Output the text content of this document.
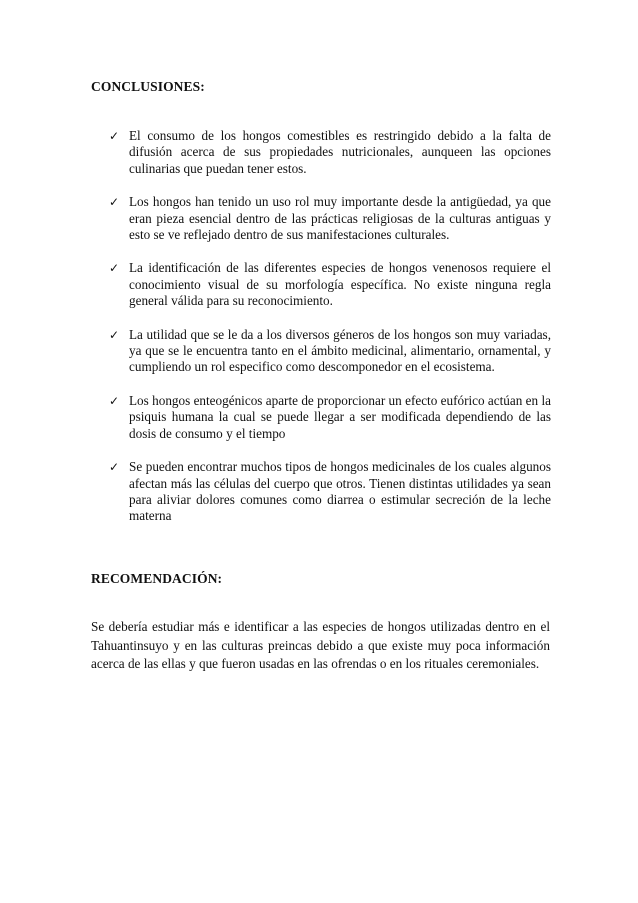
CONCLUSIONES:
✓ El consumo de los hongos comestibles es restringido debido a la falta de difusión acerca de sus propiedades nutricionales, aunqueen las opciones culinarias que puedan tener estos.
✓ Los hongos han tenido un uso rol muy importante desde la antigüedad, ya que eran pieza esencial dentro de las prácticas religiosas de la culturas antiguas y esto se ve reflejado dentro de sus manifestaciones culturales.
✓ La identificación de las diferentes especies de hongos venenosos requiere el conocimiento visual de su morfología específica. No existe ninguna regla general válida para su reconocimiento.
✓ La utilidad que se le da a los diversos géneros de los hongos son muy variadas, ya que se le encuentra tanto en el ámbito medicinal, alimentario, ornamental, y cumpliendo un rol especifico como descomponedor en el ecosistema.
✓ Los hongos enteogénicos aparte de proporcionar un efecto eufórico actúan en la psiquis humana la cual se puede llegar a ser modificada dependiendo de las dosis de consumo y el tiempo
✓ Se pueden encontrar muchos tipos de hongos medicinales de los cuales algunos afectan más las células del cuerpo que otros. Tienen distintas utilidades ya sean para aliviar dolores comunes como diarrea o estimular secreción de la leche materna
RECOMENDACIÓN:

Se debería estudiar más e identificar a las especies de hongos utilizadas dentro en el Tahuantinsuyo y en las culturas preincas debido a que existe muy poca información acerca de las ellas y que fueron usadas en las ofrendas o en los rituales ceremoniales.
